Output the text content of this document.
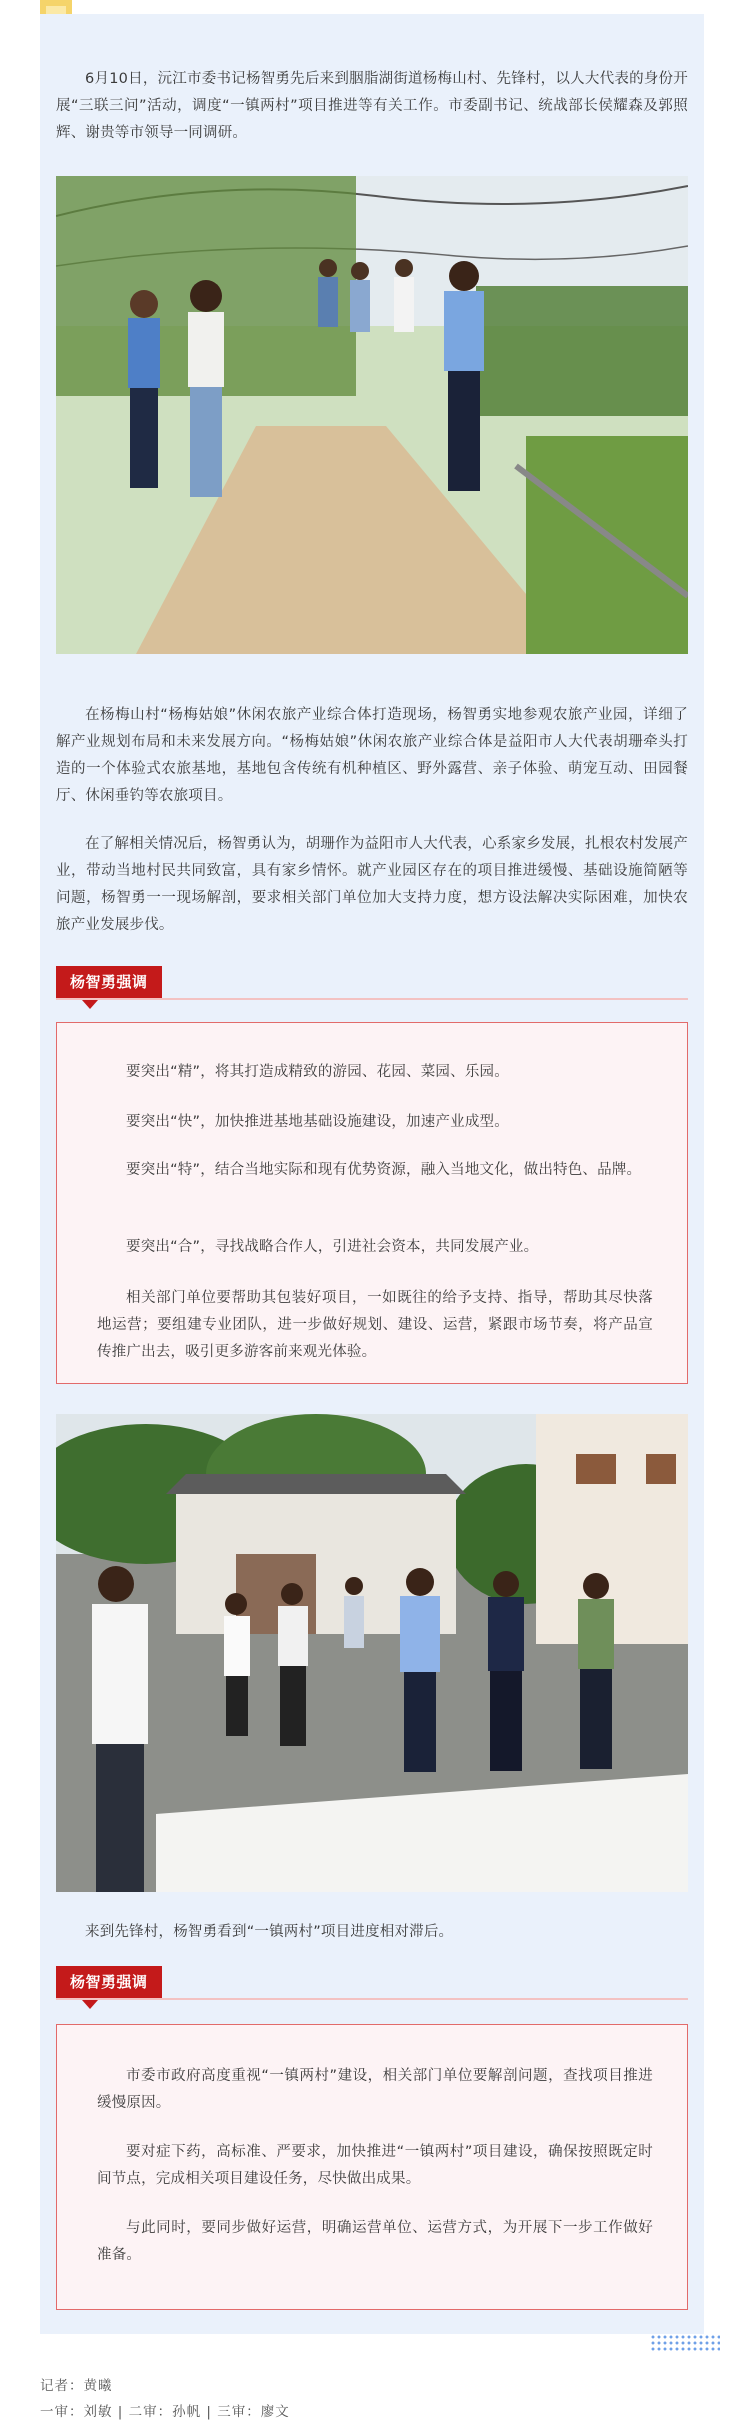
6月10日，沅江市委书记杨智勇先后来到胭脂湖街道杨梅山村、先锋村，以人大代表的身份开展“三联三问”活动，调度“一镇两村”项目推进等有关工作。市委副书记、统战部长侯耀森及郭照辉、谢贵等市领导一同调研。

在杨梅山村“杨梅姑娘”休闲农旅产业综合体打造现场，杨智勇实地参观农旅产业园，详细了解产业规划布局和未来发展方向。“杨梅姑娘”休闲农旅产业综合体是益阳市人大代表胡珊牵头打造的一个体验式农旅基地，基地包含传统有机种植区、野外露营、亲子体验、萌宠互动、田园餐厅、休闲垂钓等农旅项目。

在了解相关情况后，杨智勇认为，胡珊作为益阳市人大代表，心系家乡发展，扎根农村发展产业，带动当地村民共同致富，具有家乡情怀。就产业园区存在的项目推进缓慢、基础设施简陋等问题，杨智勇一一现场解剖，要求相关部门单位加大支持力度，想方设法解决实际困难，加快农旅产业发展步伐。

杨智勇强调

要突出“精”，将其打造成精致的游园、花园、菜园、乐园。

要突出“快”，加快推进基地基础设施建设，加速产业成型。

要突出“特”，结合当地实际和现有优势资源，融入当地文化，做出特色、品牌。

要突出“合”，寻找战略合作人，引进社会资本，共同发展产业。

相关部门单位要帮助其包装好项目，一如既往的给予支持、指导，帮助其尽快落地运营；要组建专业团队，进一步做好规划、建设、运营，紧跟市场节奏，将产品宣传推广出去，吸引更多游客前来观光体验。

来到先锋村，杨智勇看到“一镇两村”项目进度相对滞后。

杨智勇强调

市委市政府高度重视“一镇两村”建设，相关部门单位要解剖问题，查找项目推进缓慢原因。

要对症下药，高标准、严要求，加快推进“一镇两村”项目建设，确保按照既定时间节点，完成相关项目建设任务，尽快做出成果。

与此同时，要同步做好运营，明确运营单位、运营方式，为开展下一步工作做好准备。

记者：黄曦
一审：刘敏 | 二审：孙帆 | 三审：廖文
